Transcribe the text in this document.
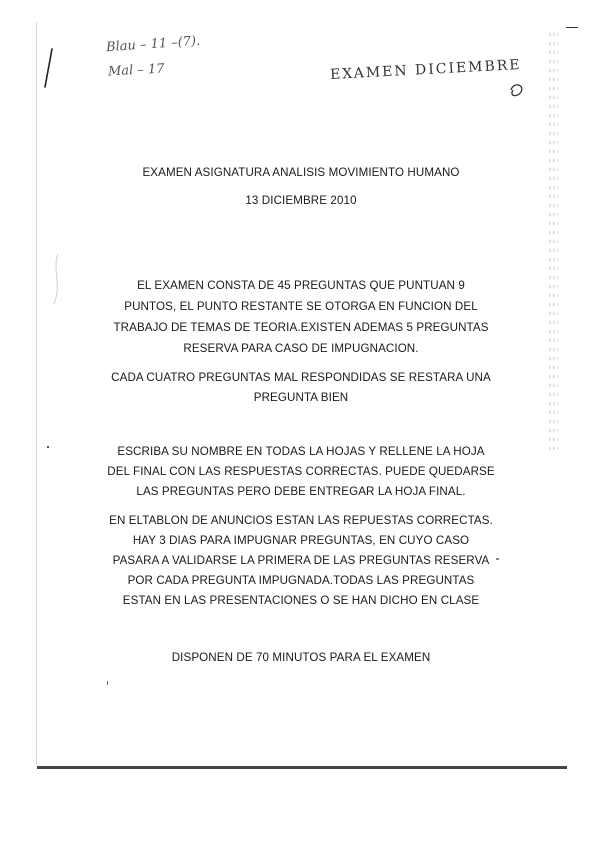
Blau – 11 –(7).
Mal – 17	EXAMEN DICIEMBRE
EXAMEN ASIGNATURA ANALISIS MOVIMIENTO HUMANO
13 DICIEMBRE 2010
EL EXAMEN CONSTA DE 45 PREGUNTAS QUE PUNTUAN 9
PUNTOS, EL PUNTO RESTANTE SE OTORGA EN FUNCION DEL
TRABAJO DE TEMAS DE TEORIA.EXISTEN ADEMAS 5 PREGUNTAS
RESERVA PARA CASO DE IMPUGNACION.
CADA CUATRO PREGUNTAS MAL RESPONDIDAS SE RESTARA UNA
PREGUNTA BIEN
ESCRIBA SU NOMBRE EN TODAS LA HOJAS Y RELLENE LA HOJA
DEL FINAL CON LAS RESPUESTAS CORRECTAS. PUEDE QUEDARSE
LAS PREGUNTAS PERO DEBE ENTREGAR LA HOJA FINAL.
EN ELTABLON DE ANUNCIOS ESTAN LAS REPUESTAS CORRECTAS.
HAY 3 DIAS PARA IMPUGNAR PREGUNTAS, EN CUYO CASO
PASARA A VALIDARSE LA PRIMERA DE LAS PREGUNTAS RESERVA
POR CADA PREGUNTA IMPUGNADA.TODAS LAS PREGUNTAS
ESTAN EN LAS PRESENTACIONES O SE HAN DICHO EN CLASE
DISPONEN DE 70 MINUTOS PARA EL EXAMEN
